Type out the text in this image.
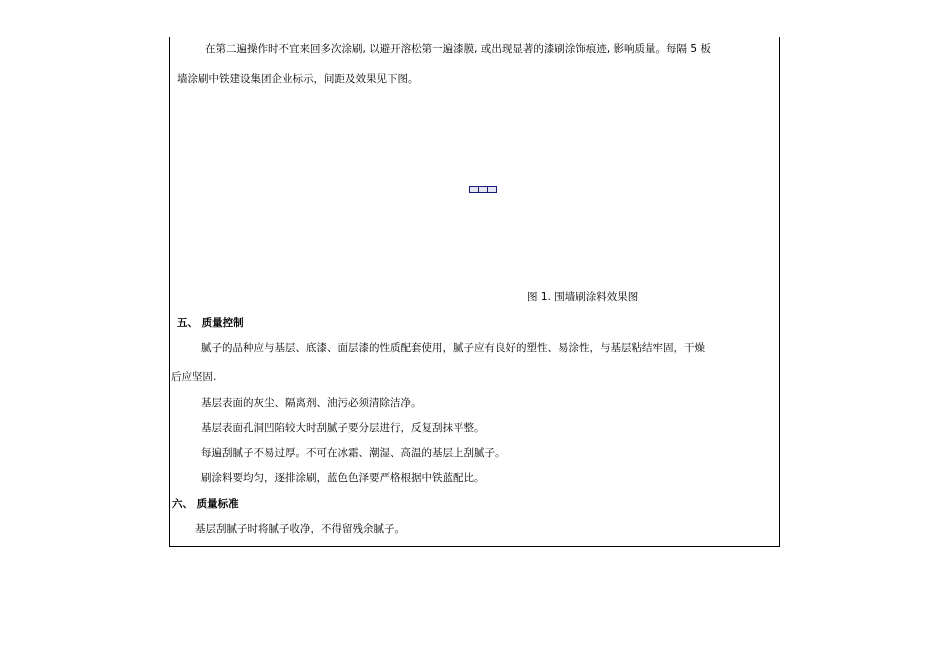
在第二遍操作时不宜来回多次涂刷, 以避开溶松第一遍漆膜, 或出现显著的漆刷涂饰痕迹, 影响质量。每隔 5 板
墙涂刷中铁建设集团企业标示，间距及效果见下图。
图 1. 围墙刷涂料效果图
五、 质量控制
腻子的品种应与基层、底漆、面层漆的性质配套使用，腻子应有良好的塑性、易涂性，与基层粘结牢固，干燥
后应坚固.
基层表面的灰尘、隔离剂、油污必须清除洁净。
基层表面孔洞凹陷较大时刮腻子要分层进行，反复刮抹平整。
每遍刮腻子不易过厚。不可在冰霜、潮湿、高温的基层上刮腻子。
刷涂料要均匀，逐排涂刷，蓝色色泽要严格根据中铁蓝配比。
六、 质量标准
基层刮腻子时将腻子收净，不得留残余腻子。
